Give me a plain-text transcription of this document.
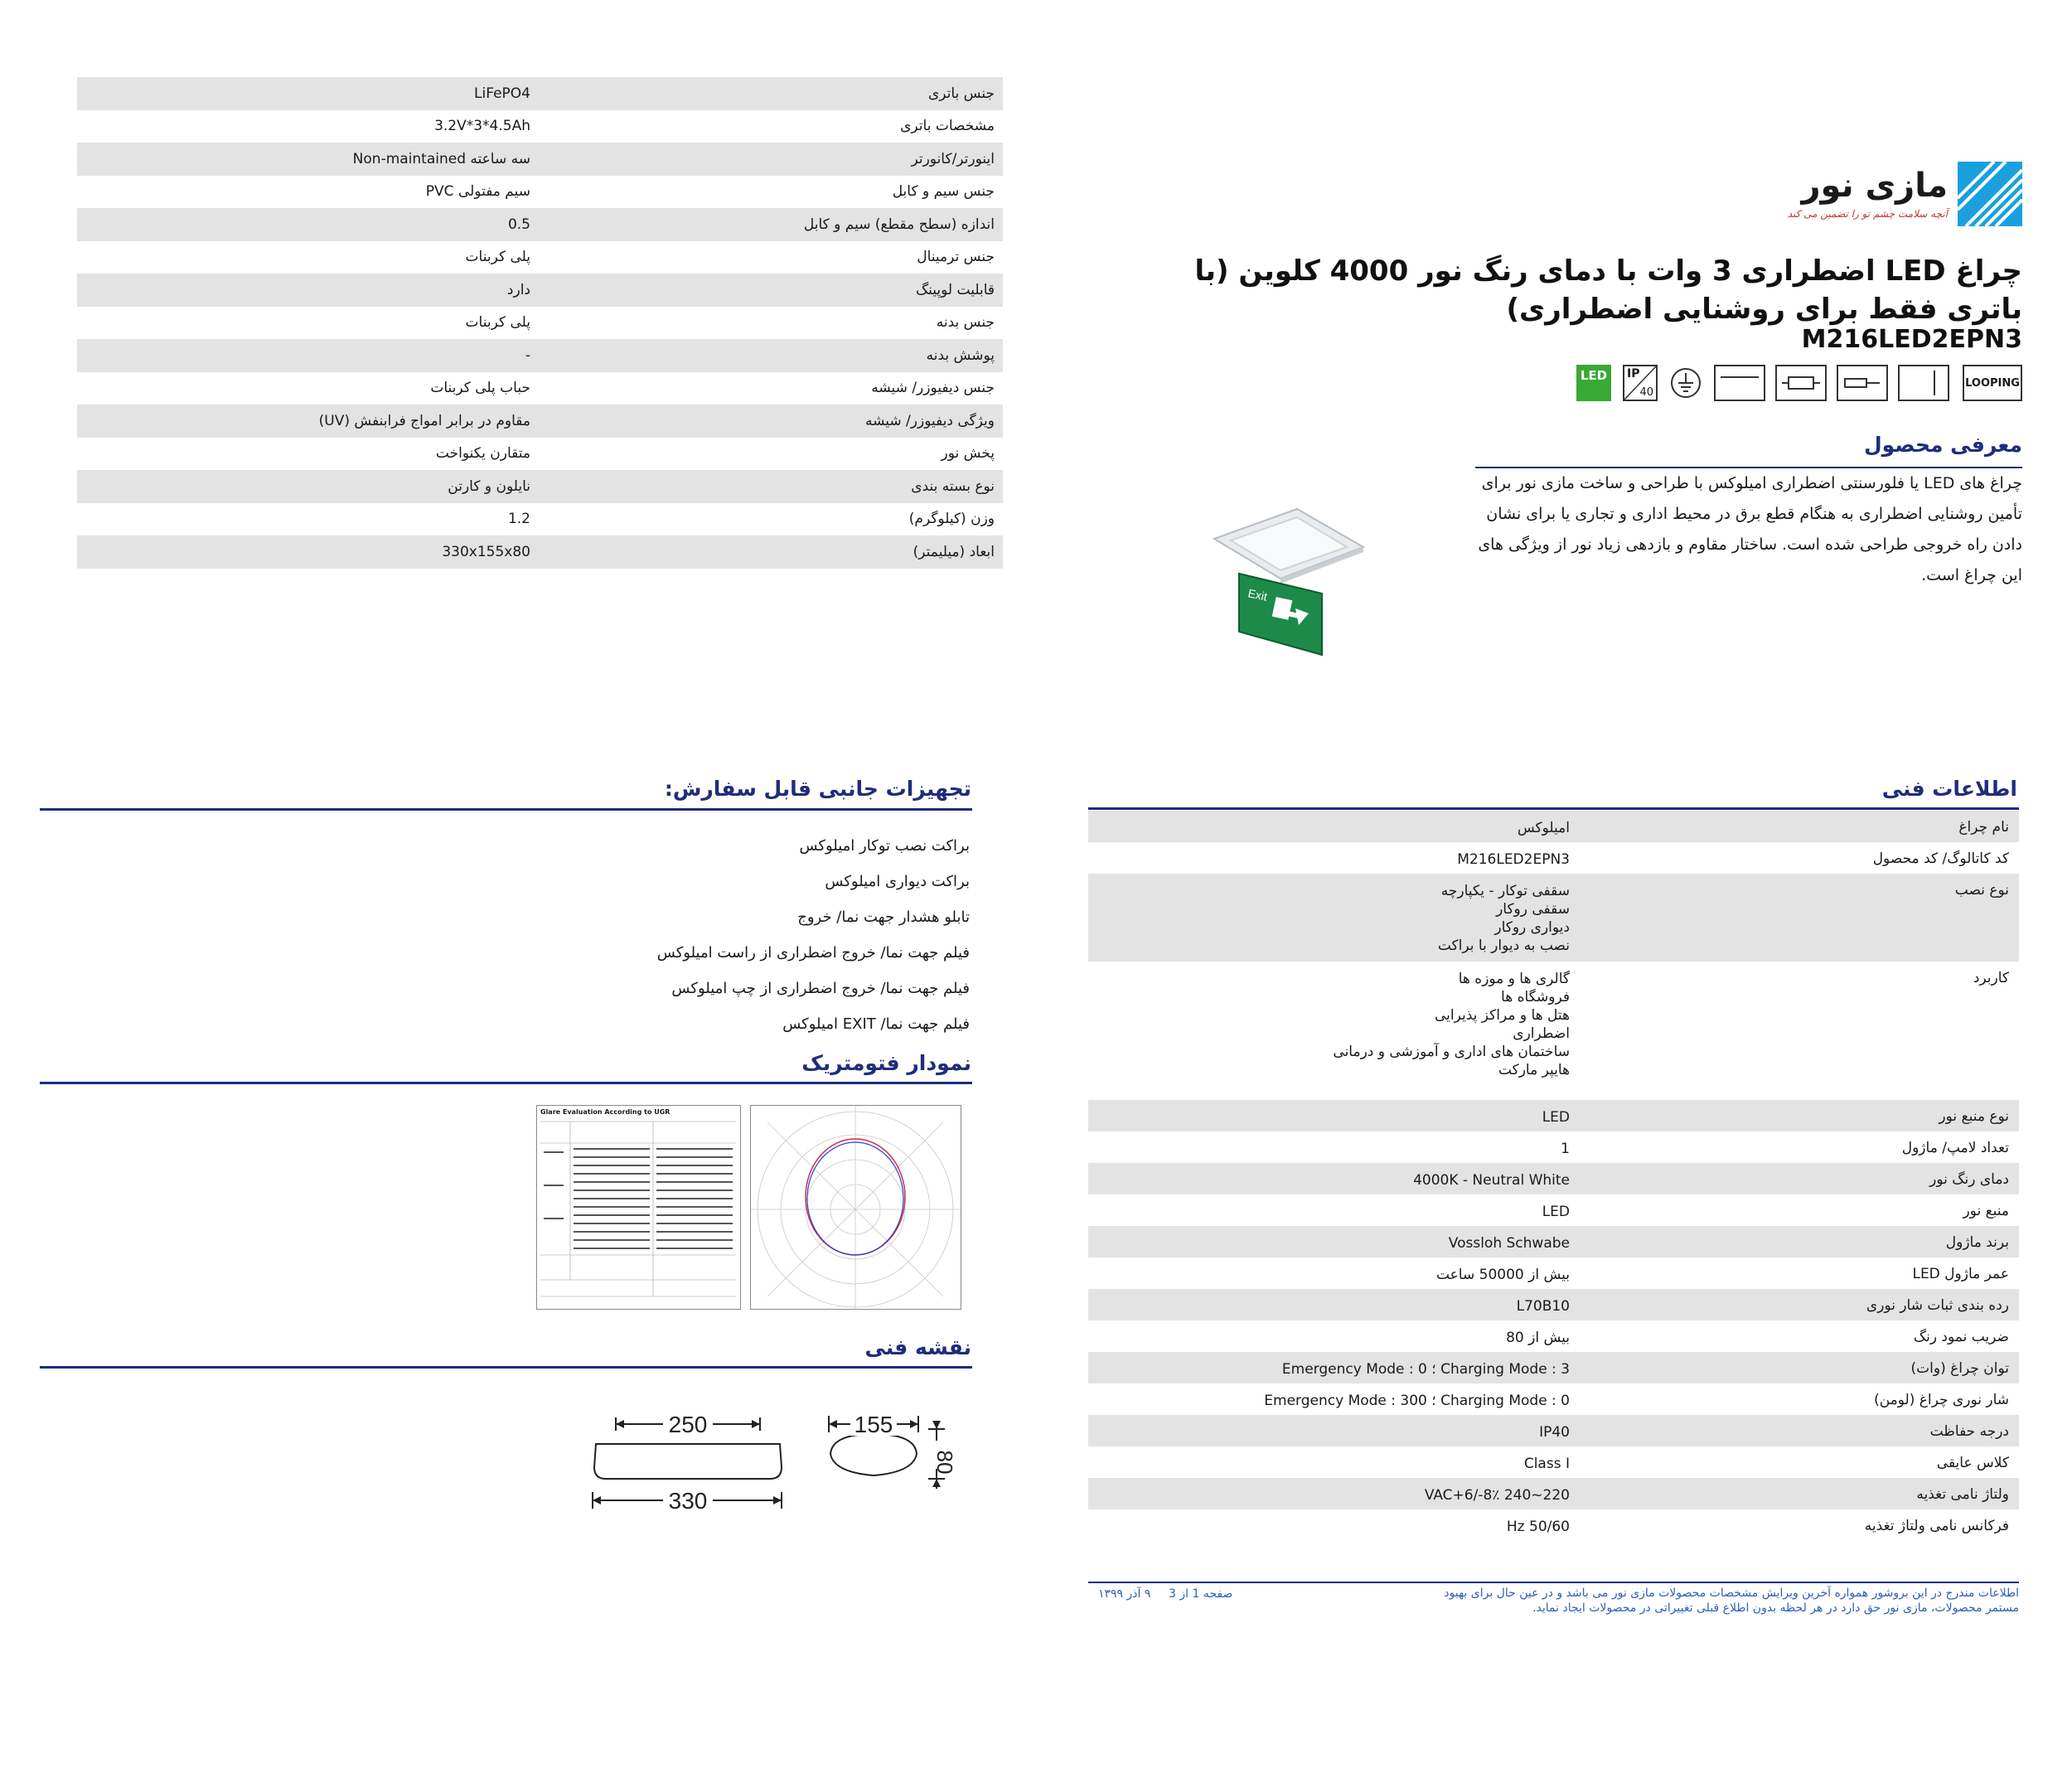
مازی نور
آنچه سلامت چشم تو را تضمین می کند
چراغ LED اضطراری 3 وات با دمای رنگ نور 4000 کلوین (با باتری فقط برای روشنایی اضطراری)
M216LED2EPN3
LOOPING
IP
40
LED
معرفی محصول
چراغ های LED یا فلورسنتی اضطراری امیلوکس با طراحی و ساخت مازی نور برای تأمین روشنایی اضطراری به هنگام قطع برق در محیط اداری و تجاری یا برای نشان دادن راه خروجی طراحی شده است. ساختار مقاوم و بازدهی زیاد نور از ویژگی های این چراغ است.
Exit
جنس باتری
LiFePO4
مشخصات باتری
3.2V*3*4.5Ah
اینورتر/کانورتر
سه ساعته Non-maintained
جنس سیم و کابل
سیم مفتولی PVC
اندازه (سطح مقطع) سیم و کابل
0.5
جنس ترمینال
پلی کربنات
قابلیت لوپینگ
دارد
جنس بدنه
پلی کربنات
پوشش بدنه
-
جنس دیفیوزر/ شیشه
حباب پلی کربنات
ویژگی دیفیوزر/ شیشه
مقاوم در برابر امواج فرابنفش (UV)
پخش نور
متقارن یکنواخت
نوع بسته بندی
نایلون و کارتن
وزن (کیلوگرم)
1.2
ابعاد (میلیمتر)
330x155x80
اطلاعات فنی
نام چراغ
امیلوکس
کد کاتالوگ/ کد محصول
M216LED2EPN3
نوع نصب
سقفی توکار - یکپارچه
سقفی روکار
دیواری روکار
نصب به دیوار با براکت
کاربرد
گالری ها و موزه ها
فروشگاه ها
هتل ها و مراکز پذیرایی
اضطراری
ساختمان های اداری و آموزشی و درمانی
هایپر مارکت
نوع منبع نور
LED
تعداد لامپ/ ماژول
1
دمای رنگ نور
4000K - Neutral White
منبع نور
LED
برند ماژول
Vossloh Schwabe
عمر ماژول LED
بیش از 50000 ساعت
رده بندی ثبات شار نوری
L70B10
ضریب نمود رنگ
بیش از 80
توان چراغ (وات)
Charging Mode : 3 ؛ Emergency Mode : 0
شار نوری چراغ (لومن)
Charging Mode : 0 ؛ Emergency Mode : 300
درجه حفاظت
IP40
کلاس عایقی
Class I
ولتاژ نامی تغذیه
220~240 VAC+6/-8٪
فرکانس نامی ولتاژ تغذیه
50/60 Hz
تجهیزات جانبی قابل سفارش:
براکت نصب توکار امیلوکس
براکت دیواری امیلوکس
تابلو هشدار جهت نما/ خروج
فیلم جهت نما/ خروج اضطراری از راست امیلوکس
فیلم جهت نما/ خروج اضطراری از چپ امیلوکس
فیلم جهت نما/ EXIT امیلوکس
نمودار فتومتریک
Glare Evaluation According to UGR
نقشه فنی
250
330
155
80
اطلاعات مندرج در این بروشور همواره آخرین ویرایش مشخصات محصولات مازی نور می باشد و در عین حال برای بهبود مستمر محصولات، مازی نور حق دارد در هر لحظه بدون اطلاع قبلی تغییراتی در محصولات ایجاد نماید.
صفحه 1 از 3
۹ آذر ۱۳۹۹
